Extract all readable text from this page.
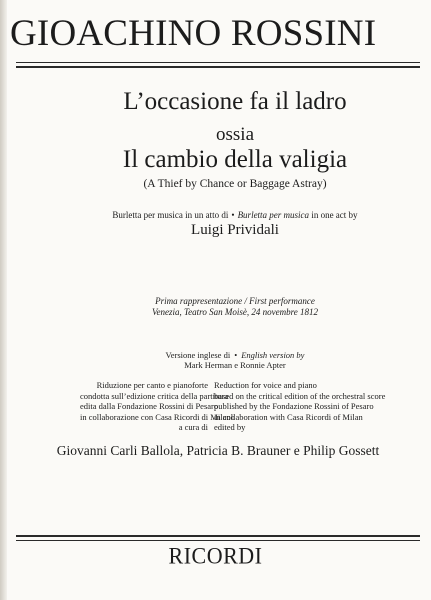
GIOACHINO ROSSINI
L’occasione fa il ladro
ossia
Il cambio della valigia
(A Thief by Chance or Baggage Astray)
Burletta per musica in un atto di • Burletta per musica in one act by
Luigi Prividali
Prima rappresentazione / First performance
Venezia, Teatro San Moisè, 24 novembre 1812
Versione inglese di • English version by
Mark Herman e Ronnie Apter
Riduzione per canto e pianoforte
condotta sull’edizione critica della partitura
edita dalla Fondazione Rossini di Pesaro
in collaborazione con Casa Ricordi di Milano
a cura di
Reduction for voice and piano
based on the critical edition of the orchestral score
published by the Fondazione Rossini of Pesaro
in collaboration with Casa Ricordi of Milan
edited by
Giovanni Carli Ballola, Patricia B. Brauner e Philip Gossett
RICORDI
